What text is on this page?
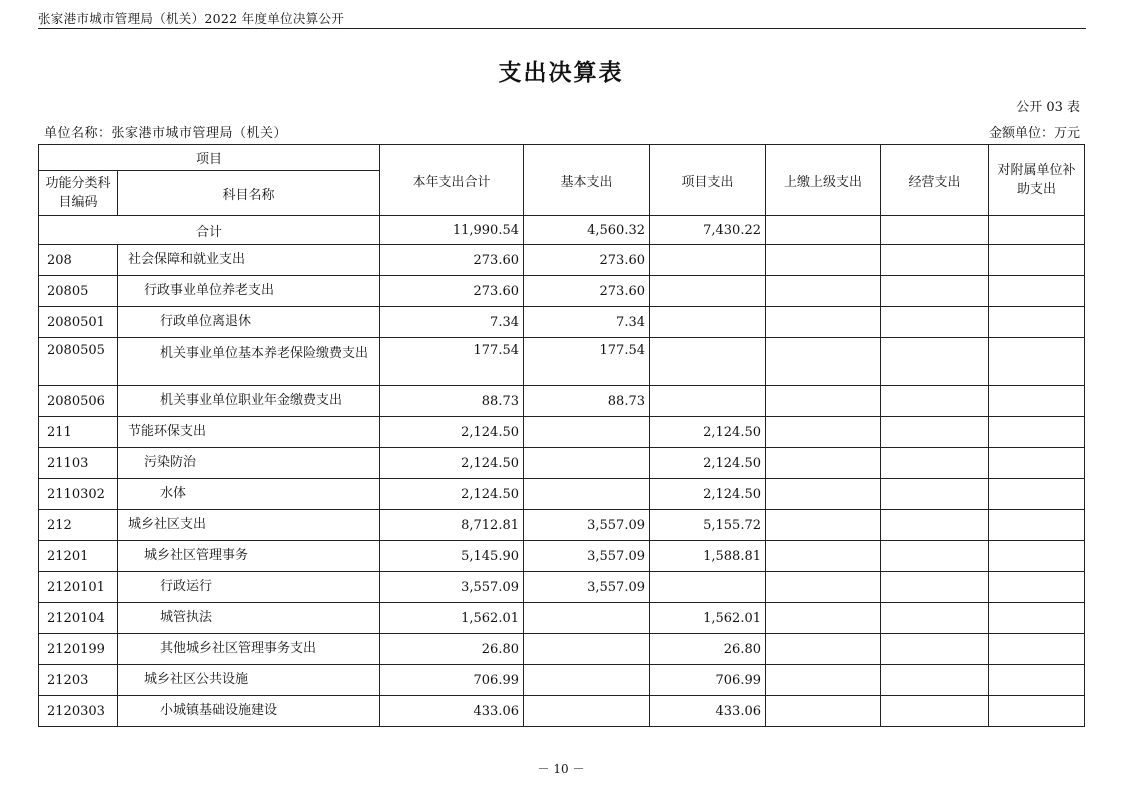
张家港市城市管理局（机关）2022 年度单位决算公开
支出决算表
公开 03 表
单位名称：张家港市城市管理局（机关）	金额单位：万元
项目		本年支出合计	基本支出	项目支出	上缴上级支出	经营支出	对附属单位补助支出
功能分类科目编码	科目名称						
合计		11,990.54	4,560.32	7,430.22			
208	社会保障和就业支出	273.60	273.60				
20805	行政事业单位养老支出	273.60	273.60				
2080501	行政单位离退休	7.34	7.34				
2080505	机关事业单位基本养老保险缴费支出	177.54	177.54				
2080506	机关事业单位职业年金缴费支出	88.73	88.73				
211	节能环保支出	2,124.50		2,124.50			
21103	污染防治	2,124.50		2,124.50			
2110302	水体	2,124.50		2,124.50			
212	城乡社区支出	8,712.81	3,557.09	5,155.72			
21201	城乡社区管理事务	5,145.90	3,557.09	1,588.81			
2120101	行政运行	3,557.09	3,557.09				
2120104	城管执法	1,562.01		1,562.01			
2120199	其他城乡社区管理事务支出	26.80		26.80			
21203	城乡社区公共设施	706.99		706.99			
2120303	小城镇基础设施建设	433.06		433.06			
－ 10 －
